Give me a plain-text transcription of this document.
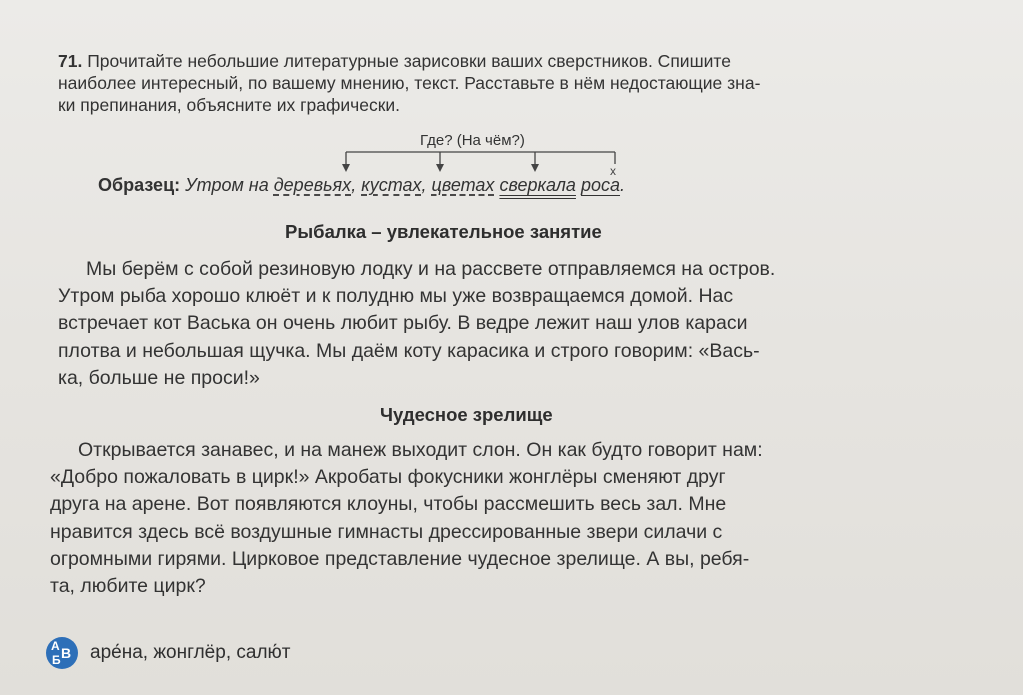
71. Прочитайте небольшие литературные зарисовки ваших сверстников. Спишите
наиболее интересный, по вашему мнению, текст. Расставьте в нём недостающие зна-
ки препинания, объясните их графически.
x
Где? (На чём?)
Образец: Утром на деревьях, кустах, цветах сверкала роса.
Рыбалка – увлекательное занятие
Мы берём с собой резиновую лодку и на рассвете отправляемся на остров.
Утром рыба хорошо клюёт и к полудню мы уже возвращаемся домой. Нас
встречает кот Васька он очень любит рыбу. В ведре лежит наш улов караси
плотва и небольшая щучка. Мы даём коту карасика и строго говорим: «Вась-
ка, больше не проси!»
Чудесное зрелище
Открывается занавес, и на манеж выходит слон. Он как будто говорит нам:
«Добро пожаловать в цирк!» Акробаты фокусники жонглёры сменяют друг
друга на арене. Вот появляются клоуны, чтобы рассмешить весь зал. Мне
нравится здесь всё воздушные гимнасты дрессированные звери силачи с
огромными гирями. Цирковое представление чудесное зрелище. А вы, ребя-
та, любите цирк?
А В
Б аре́на, жонглёр, салю́т
